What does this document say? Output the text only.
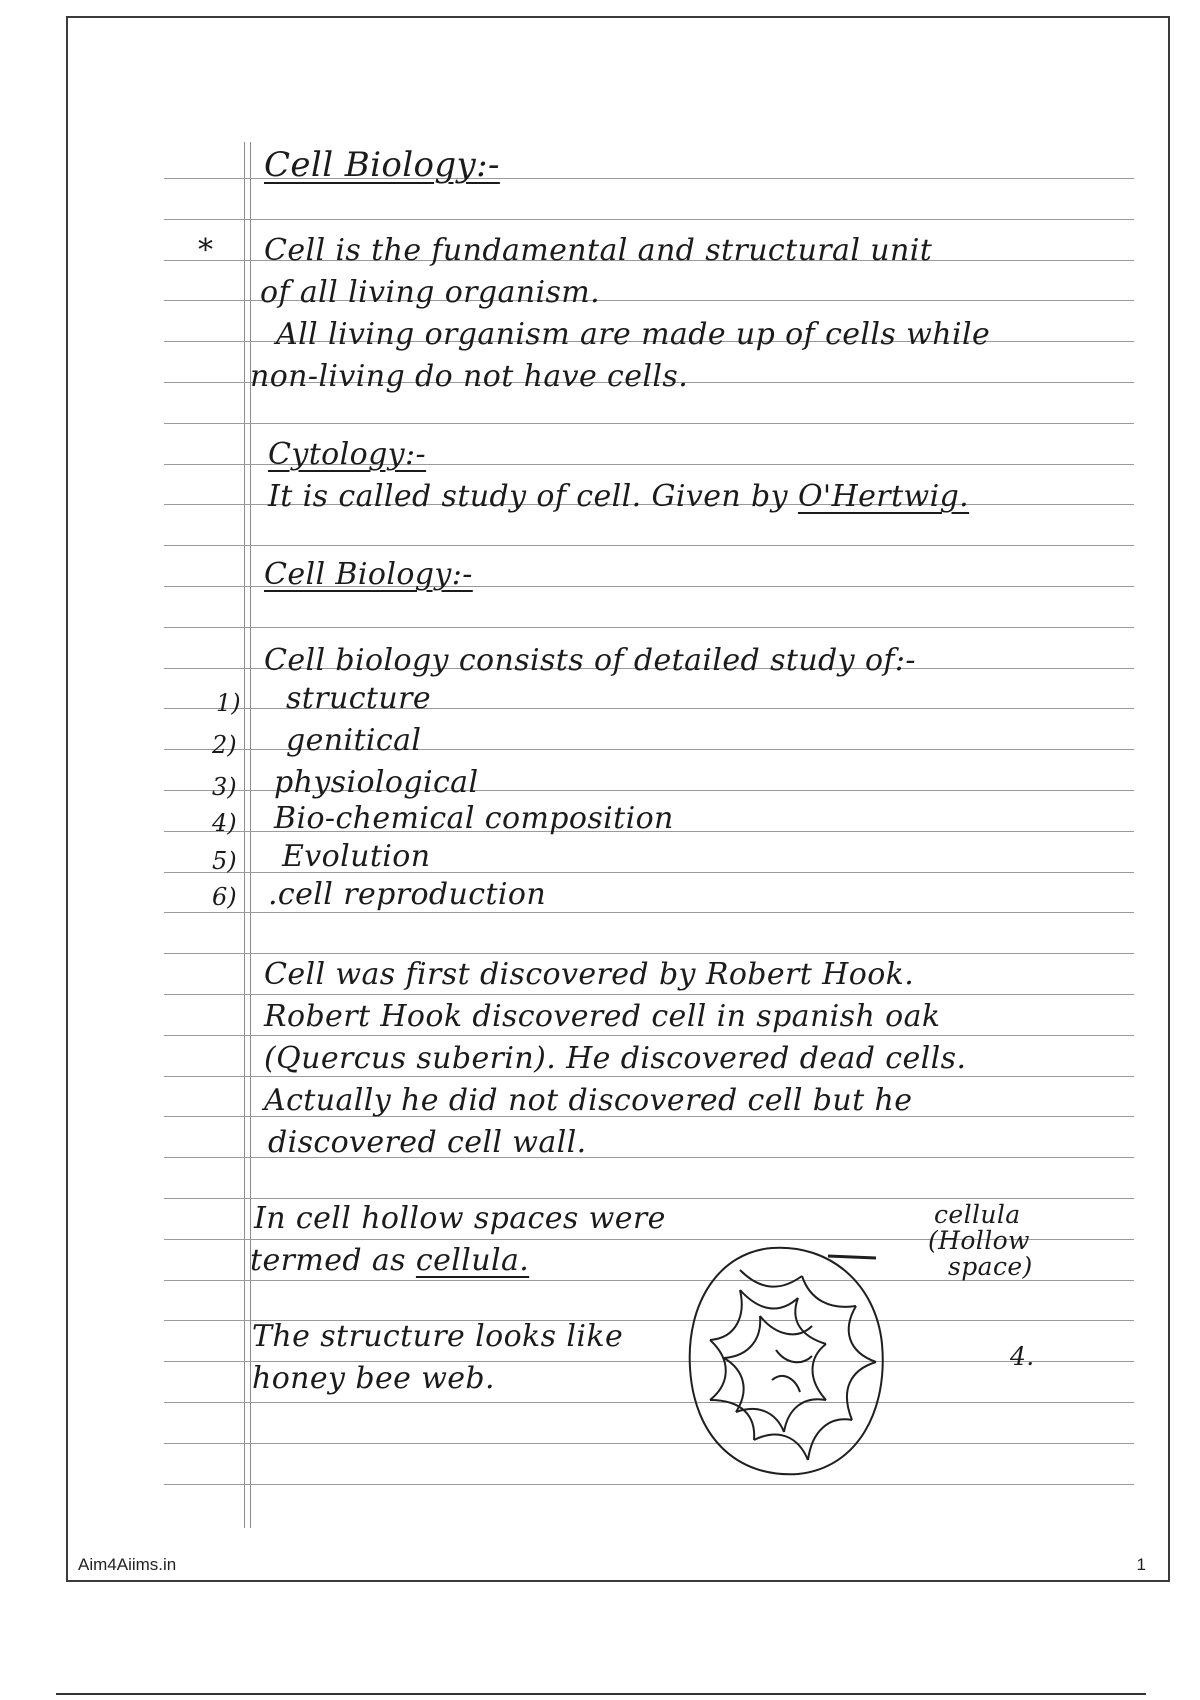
Cell Biology:-
* Cell is the fundamental and structural unit
of all living organism.
All living organism are made up of cells while
non-living do not have cells.
Cytology:-
It is called study of cell. Given by O'Hertwig.
Cell Biology:-
Cell biology consists of detailed study of:-
1) structure
2) genitical
3) physiological
4) Bio-chemical composition
5) Evolution
6) .cell reproduction
Cell was first discovered by Robert Hook.
Robert Hook discovered cell in spanish oak
(Quercus suberin). He discovered dead cells.
Actually he did not discovered cell but he
discovered cell wall.
In cell hollow spaces were
termed as cellula.
The structure looks like
honey bee web.
cellula
(Hollow
space)
4.
Aim4Aiims.in	1
